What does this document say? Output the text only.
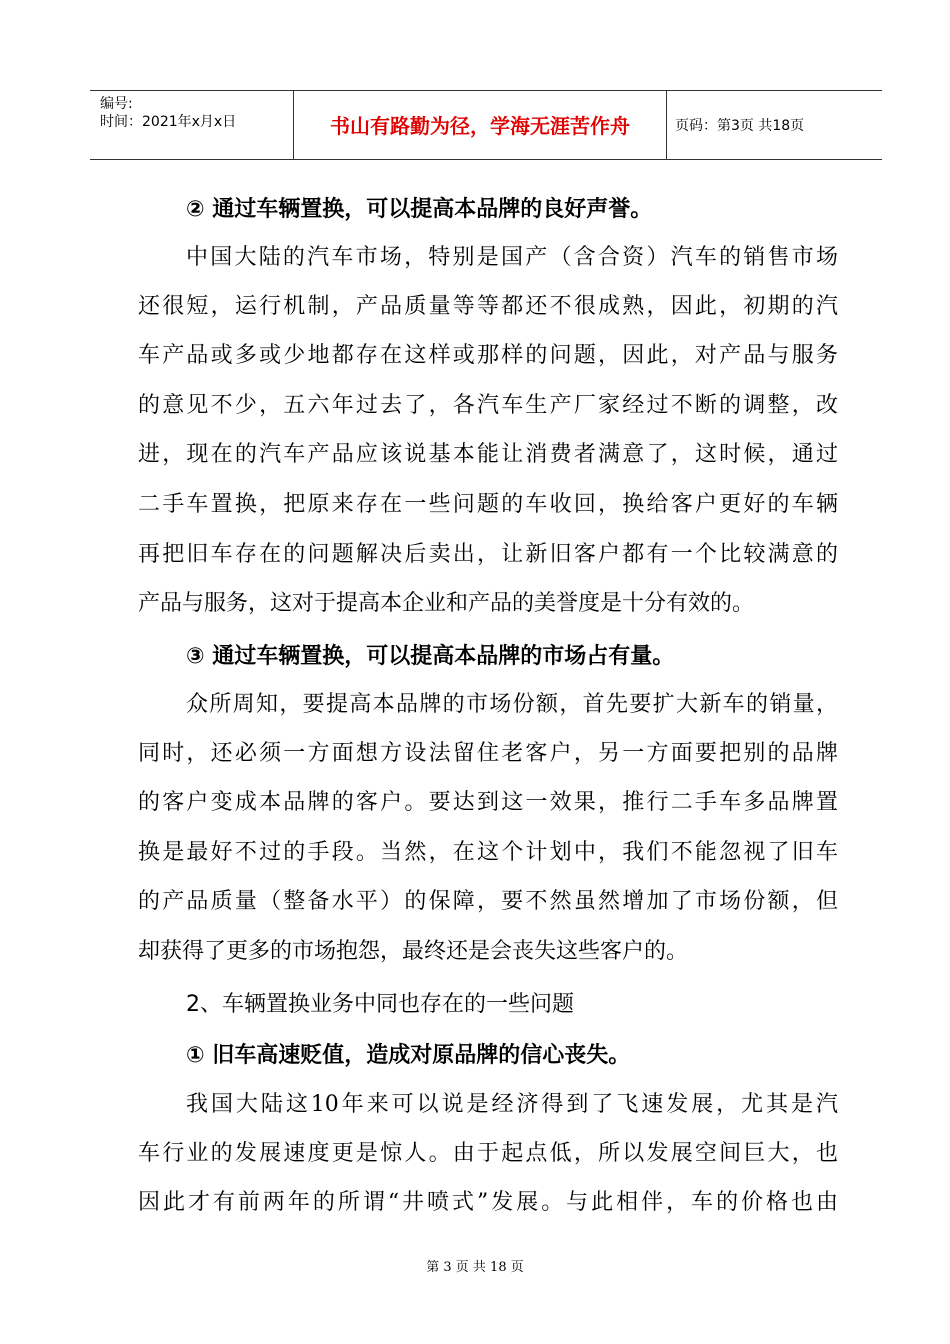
编号:
时间：2021年x月x日	书山有路勤为径，学海无涯苦作舟	页码：第3页 共18页
② 通过车辆置换，可以提高本品牌的良好声誉。
中国大陆的汽车市场，特别是国产（含合资）汽车的销售市场
还很短，运行机制，产品质量等等都还不很成熟，因此，初期的汽
车产品或多或少地都存在这样或那样的问题，因此，对产品与服务
的意见不少，五六年过去了，各汽车生产厂家经过不断的调整，改
进，现在的汽车产品应该说基本能让消费者满意了，这时候，通过
二手车置换，把原来存在一些问题的车收回，换给客户更好的车辆
再把旧车存在的问题解决后卖出，让新旧客户都有一个比较满意的
产品与服务，这对于提高本企业和产品的美誉度是十分有效的。
③ 通过车辆置换，可以提高本品牌的市场占有量。
众所周知，要提高本品牌的市场份额，首先要扩大新车的销量，
同时，还必须一方面想方设法留住老客户，另一方面要把别的品牌
的客户变成本品牌的客户。要达到这一效果，推行二手车多品牌置
换是最好不过的手段。当然，在这个计划中，我们不能忽视了旧车
的产品质量（整备水平）的保障，要不然虽然增加了市场份额，但
却获得了更多的市场抱怨，最终还是会丧失这些客户的。
2、车辆置换业务中同也存在的一些问题
① 旧车高速贬值，造成对原品牌的信心丧失。
我国大陆这10年来可以说是经济得到了飞速发展，尤其是汽
车行业的发展速度更是惊人。由于起点低，所以发展空间巨大，也
因此才有前两年的所谓“井喷式”发展。与此相伴，车的价格也由
第 3 页 共 18 页
